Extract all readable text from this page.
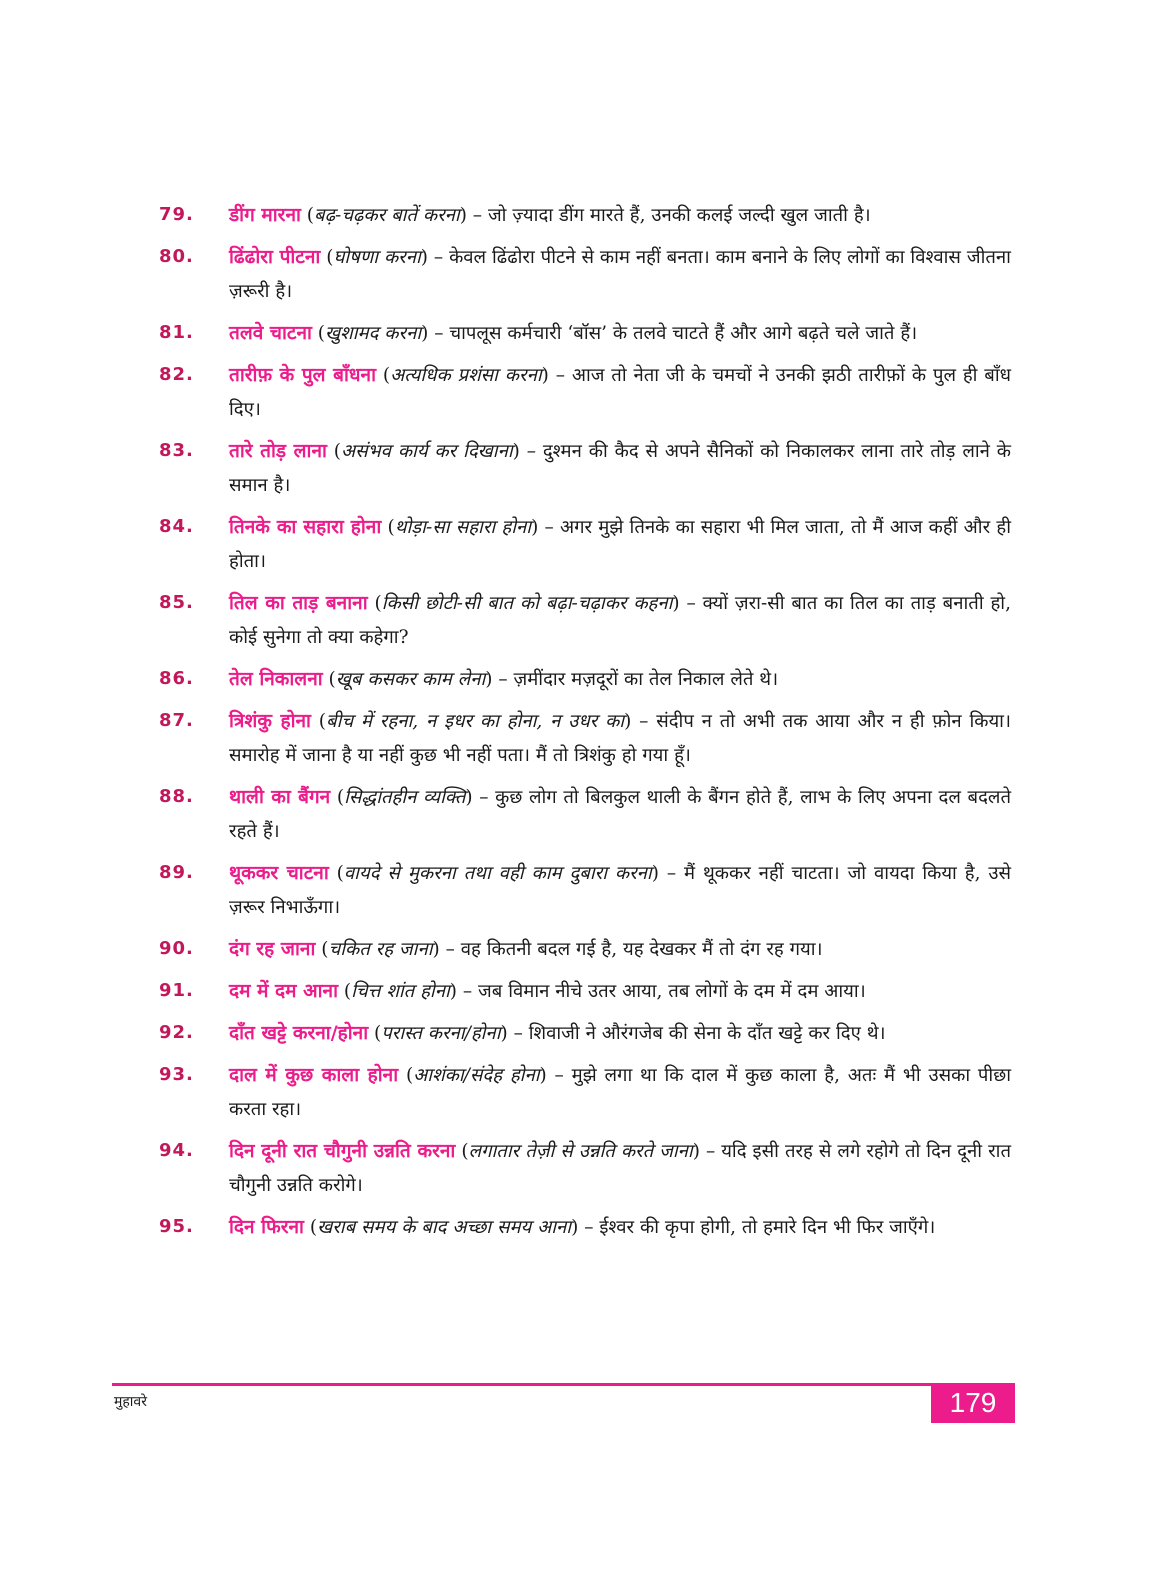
79.	डींग मारना (बढ़-चढ़कर बातें करना) – जो ज़्यादा डींग मारते हैं, उनकी कलई जल्दी खुल जाती है।
80.	ढिंढोरा पीटना (घोषणा करना) – केवल ढिंढोरा पीटने से काम नहीं बनता। काम बनाने के लिए लोगों का विश्वास जीतना ज़रूरी है।
81.	तलवे चाटना (खुशामद करना) – चापलूस कर्मचारी ‘बॉस’ के तलवे चाटते हैं और आगे बढ़ते चले जाते हैं।
82.	तारीफ़ के पुल बाँधना (अत्यधिक प्रशंसा करना) – आज तो नेता जी के चमचों ने उनकी झठी तारीफ़ों के पुल ही बाँध दिए।
83.	तारे तोड़ लाना (असंभव कार्य कर दिखाना) – दुश्मन की कैद से अपने सैनिकों को निकालकर लाना तारे तोड़ लाने के समान है।
84.	तिनके का सहारा होना (थोड़ा-सा सहारा होना) – अगर मुझे तिनके का सहारा भी मिल जाता, तो मैं आज कहीं और ही होता।
85.	तिल का ताड़ बनाना (किसी छोटी-सी बात को बढ़ा-चढ़ाकर कहना) – क्यों ज़रा-सी बात का तिल का ताड़ बनाती हो, कोई सुनेगा तो क्या कहेगा?
86.	तेल निकालना (खूब कसकर काम लेना) – ज़मींदार मज़दूरों का तेल निकाल लेते थे।
87.	त्रिशंकु होना (बीच में रहना, न इधर का होना, न उधर का) – संदीप न तो अभी तक आया और न ही फ़ोन किया। समारोह में जाना है या नहीं कुछ भी नहीं पता। मैं तो त्रिशंकु हो गया हूँ।
88.	थाली का बैंगन (सिद्धांतहीन व्यक्ति) – कुछ लोग तो बिलकुल थाली के बैंगन होते हैं, लाभ के लिए अपना दल बदलते रहते हैं।
89.	थूककर चाटना (वायदे से मुकरना तथा वही काम दुबारा करना) – मैं थूककर नहीं चाटता। जो वायदा किया है, उसे ज़रूर निभाऊँगा।
90.	दंग रह जाना (चकित रह जाना) – वह कितनी बदल गई है, यह देखकर मैं तो दंग रह गया।
91.	दम में दम आना (चित्त शांत होना) – जब विमान नीचे उतर आया, तब लोगों के दम में दम आया।
92.	दाँत खट्टे करना/होना (परास्त करना/होना) – शिवाजी ने औरंगजेब की सेना के दाँत खट्टे कर दिए थे।
93.	दाल में कुछ काला होना (आशंका/संदेह होना) – मुझे लगा था कि दाल में कुछ काला है, अतः मैं भी उसका पीछा करता रहा।
94.	दिन दूनी रात चौगुनी उन्नति करना (लगातार तेज़ी से उन्नति करते जाना) – यदि इसी तरह से लगे रहोगे तो दिन दूनी रात चौगुनी उन्नति करोगे।
95.	दिन फिरना (खराब समय के बाद अच्छा समय आना) – ईश्वर की कृपा होगी, तो हमारे दिन भी फिर जाएँगे।
मुहावरे	179
